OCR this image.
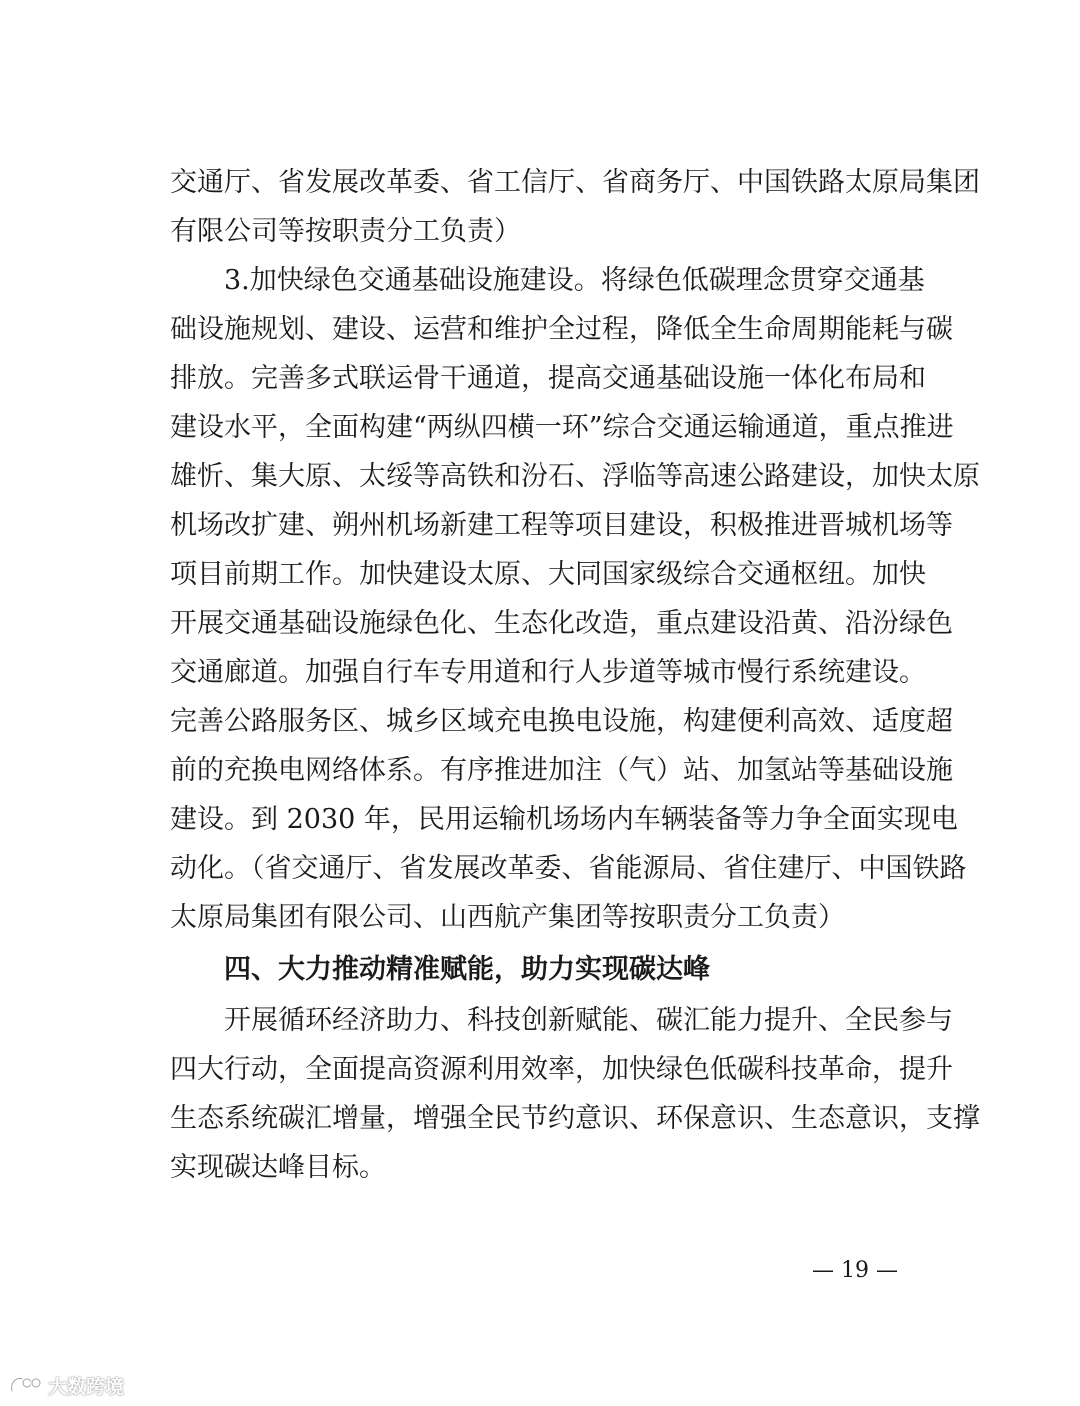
交通厅、省发展改革委、省工信厅、省商务厅、中国铁路太原局集团
有限公司等按职责分工负责）
3.加快绿色交通基础设施建设。将绿色低碳理念贯穿交通基
础设施规划、建设、运营和维护全过程，降低全生命周期能耗与碳
排放。完善多式联运骨干通道，提高交通基础设施一体化布局和
建设水平，全面构建“两纵四横一环”综合交通运输通道，重点推进
雄忻、集大原、太绥等高铁和汾石、浮临等高速公路建设，加快太原
机场改扩建、朔州机场新建工程等项目建设，积极推进晋城机场等
项目前期工作。加快建设太原、大同国家级综合交通枢纽。加快
开展交通基础设施绿色化、生态化改造，重点建设沿黄、沿汾绿色
交通廊道。加强自行车专用道和行人步道等城市慢行系统建设。
完善公路服务区、城乡区域充电换电设施，构建便利高效、适度超
前的充换电网络体系。有序推进加注（气）站、加氢站等基础设施
建设。到 2030 年，民用运输机场场内车辆装备等力争全面实现电
动化。（省交通厅、省发展改革委、省能源局、省住建厅、中国铁路
太原局集团有限公司、山西航产集团等按职责分工负责）
四、大力推动精准赋能，助力实现碳达峰
开展循环经济助力、科技创新赋能、碳汇能力提升、全民参与
四大行动，全面提高资源利用效率，加快绿色低碳科技革命，提升
生态系统碳汇增量，增强全民节约意识、环保意识、生态意识，支撑
实现碳达峰目标。
— 19 —
大数跨境
